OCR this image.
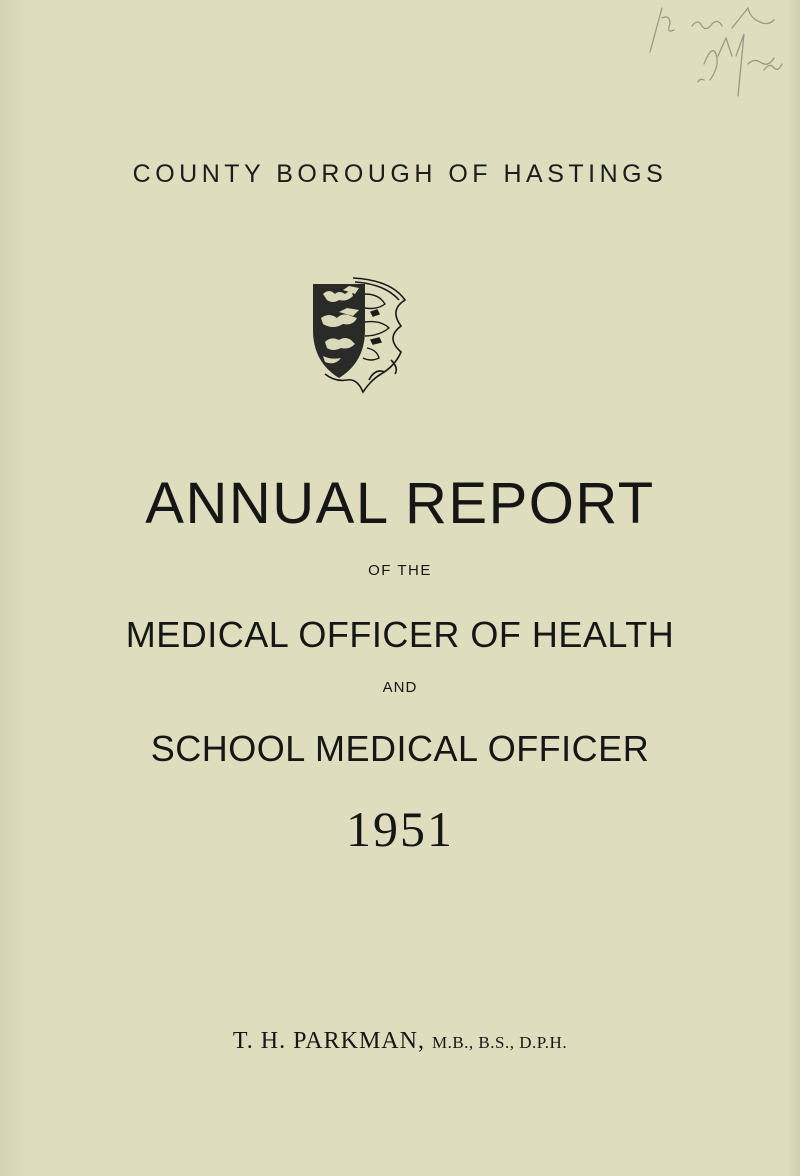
COUNTY BOROUGH OF HASTINGS
ANNUAL REPORT
OF THE
MEDICAL OFFICER OF HEALTH
AND
SCHOOL MEDICAL OFFICER
1951
T. H. PARKMAN, M.B., B.S., D.P.H.
